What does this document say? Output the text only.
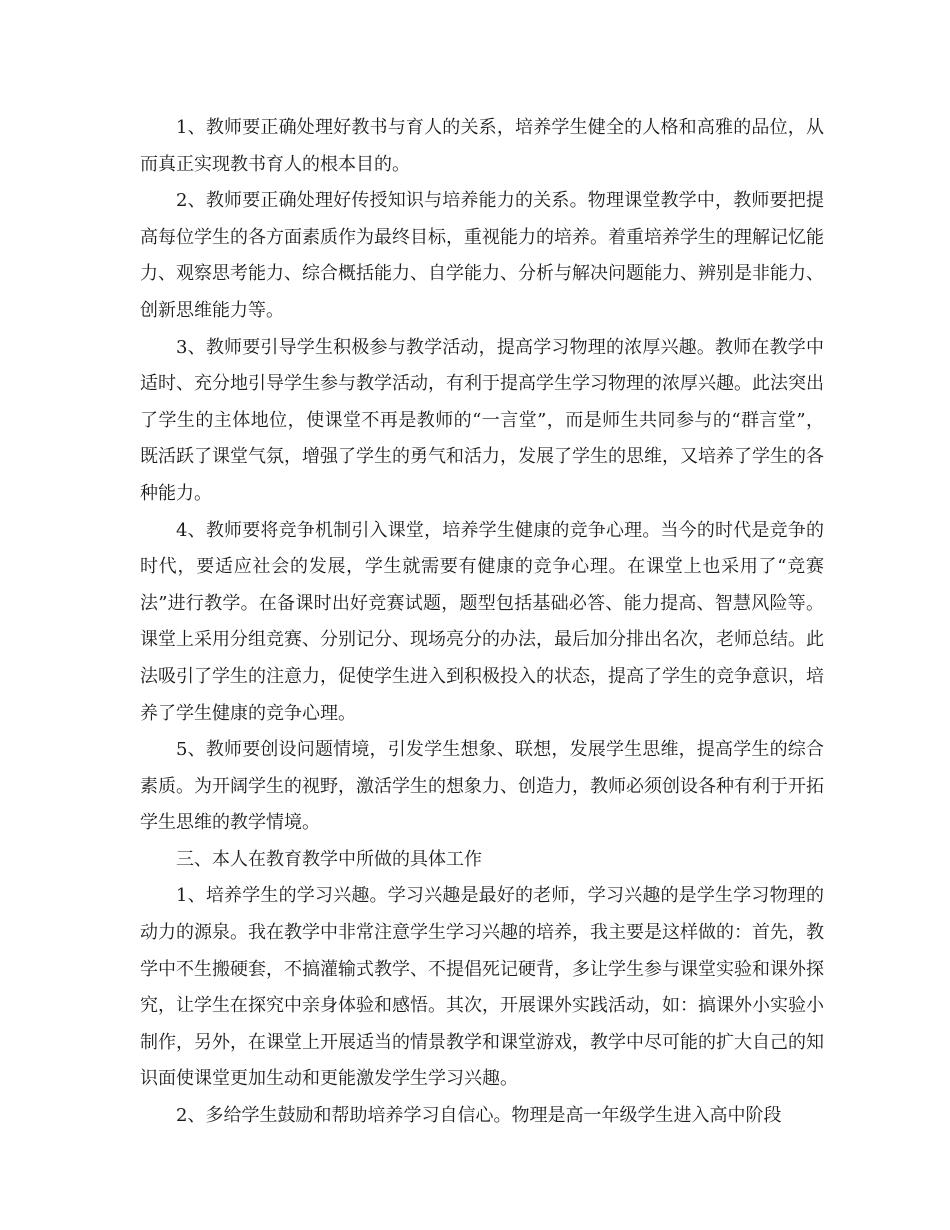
1、教师要正确处理好教书与育人的关系，培养学生健全的人格和高雅的品位，从而真正实现教书育人的根本目的。

2、教师要正确处理好传授知识与培养能力的关系。物理课堂教学中，教师要把提高每位学生的各方面素质作为最终目标，重视能力的培养。着重培养学生的理解记忆能力、观察思考能力、综合概括能力、自学能力、分析与解决问题能力、辨别是非能力、创新思维能力等。

3、教师要引导学生积极参与教学活动，提高学习物理的浓厚兴趣。教师在教学中适时、充分地引导学生参与教学活动，有利于提高学生学习物理的浓厚兴趣。此法突出了学生的主体地位，使课堂不再是教师的“一言堂”，而是师生共同参与的“群言堂”，既活跃了课堂气氛，增强了学生的勇气和活力，发展了学生的思维，又培养了学生的各种能力。

4、教师要将竞争机制引入课堂，培养学生健康的竞争心理。当今的时代是竞争的时代，要适应社会的发展，学生就需要有健康的竞争心理。在课堂上也采用了“竞赛法”进行教学。在备课时出好竞赛试题，题型包括基础必答、能力提高、智慧风险等。课堂上采用分组竞赛、分别记分、现场亮分的办法，最后加分排出名次，老师总结。此法吸引了学生的注意力，促使学生进入到积极投入的状态，提高了学生的竞争意识，培养了学生健康的竞争心理。

5、教师要创设问题情境，引发学生想象、联想，发展学生思维，提高学生的综合素质。为开阔学生的视野，激活学生的想象力、创造力，教师必须创设各种有利于开拓学生思维的教学情境。

三、本人在教育教学中所做的具体工作

1、培养学生的学习兴趣。学习兴趣是最好的老师，学习兴趣的是学生学习物理的动力的源泉。我在教学中非常注意学生学习兴趣的培养，我主要是这样做的：首先，教学中不生搬硬套，不搞灌输式教学、不提倡死记硬背，多让学生参与课堂实验和课外探究，让学生在探究中亲身体验和感悟。其次，开展课外实践活动，如：搞课外小实验小制作，另外，在课堂上开展适当的情景教学和课堂游戏，教学中尽可能的扩大自己的知识面使课堂更加生动和更能激发学生学习兴趣。

2、多给学生鼓励和帮助培养学习自信心。物理是高一年级学生进入高中阶段
